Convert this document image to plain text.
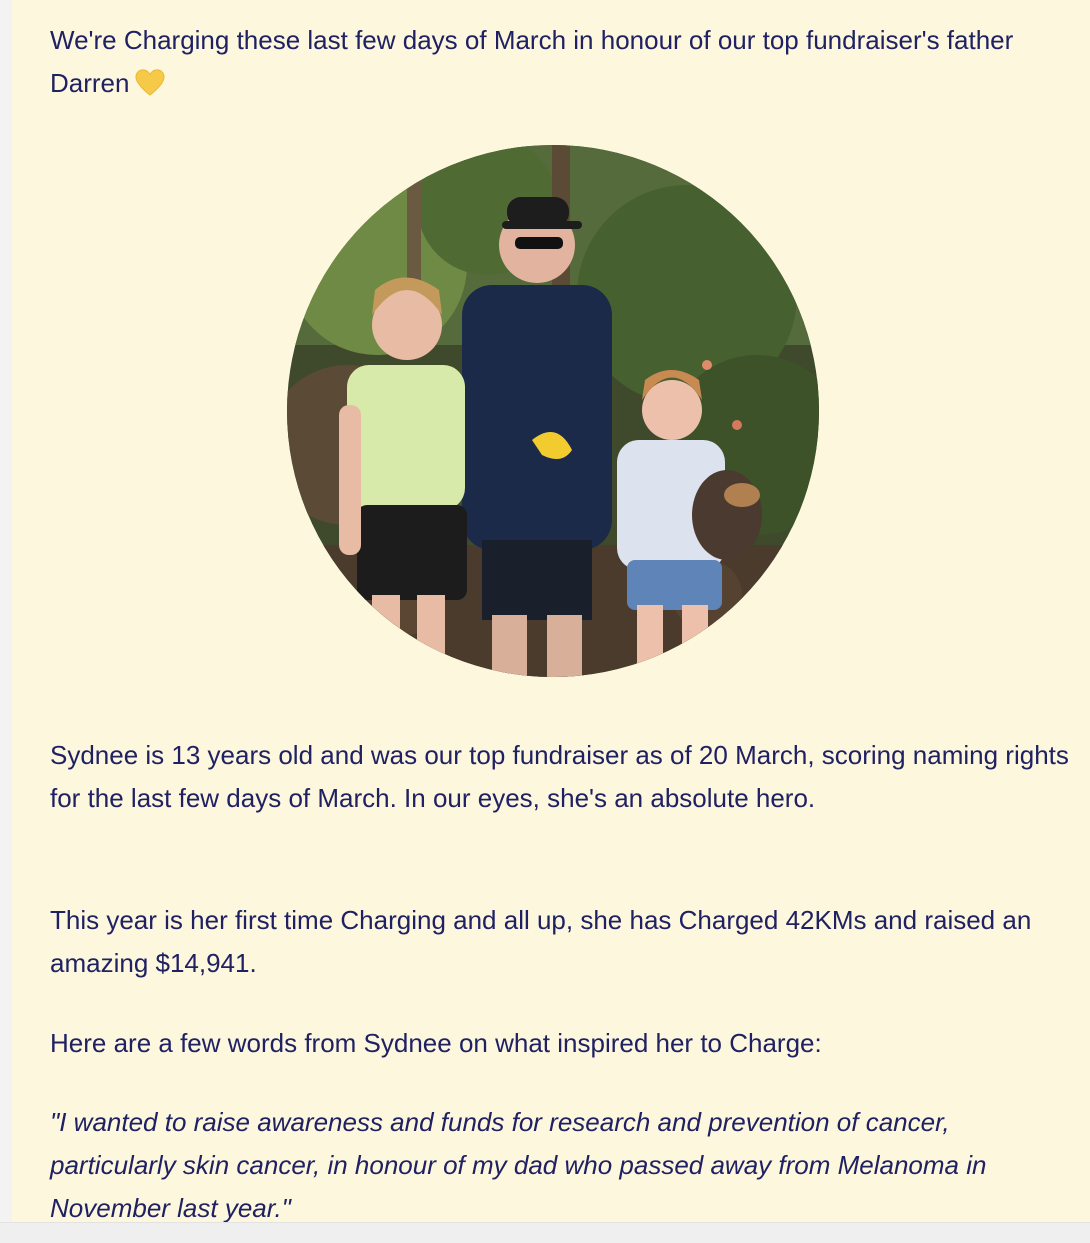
We're Charging these last few days of March in honour of our top fundraiser's father Darren

Sydnee is 13 years old and was our top fundraiser as of 20 March, scoring naming rights for the last few days of March. In our eyes, she's an absolute hero.

This year is her first time Charging and all up, she has Charged 42KMs and raised an amazing $14,941.

Here are a few words from Sydnee on what inspired her to Charge:

"I wanted to raise awareness and funds for research and prevention of cancer, particularly skin cancer, in honour of my dad who passed away from Melanoma in November last year."
